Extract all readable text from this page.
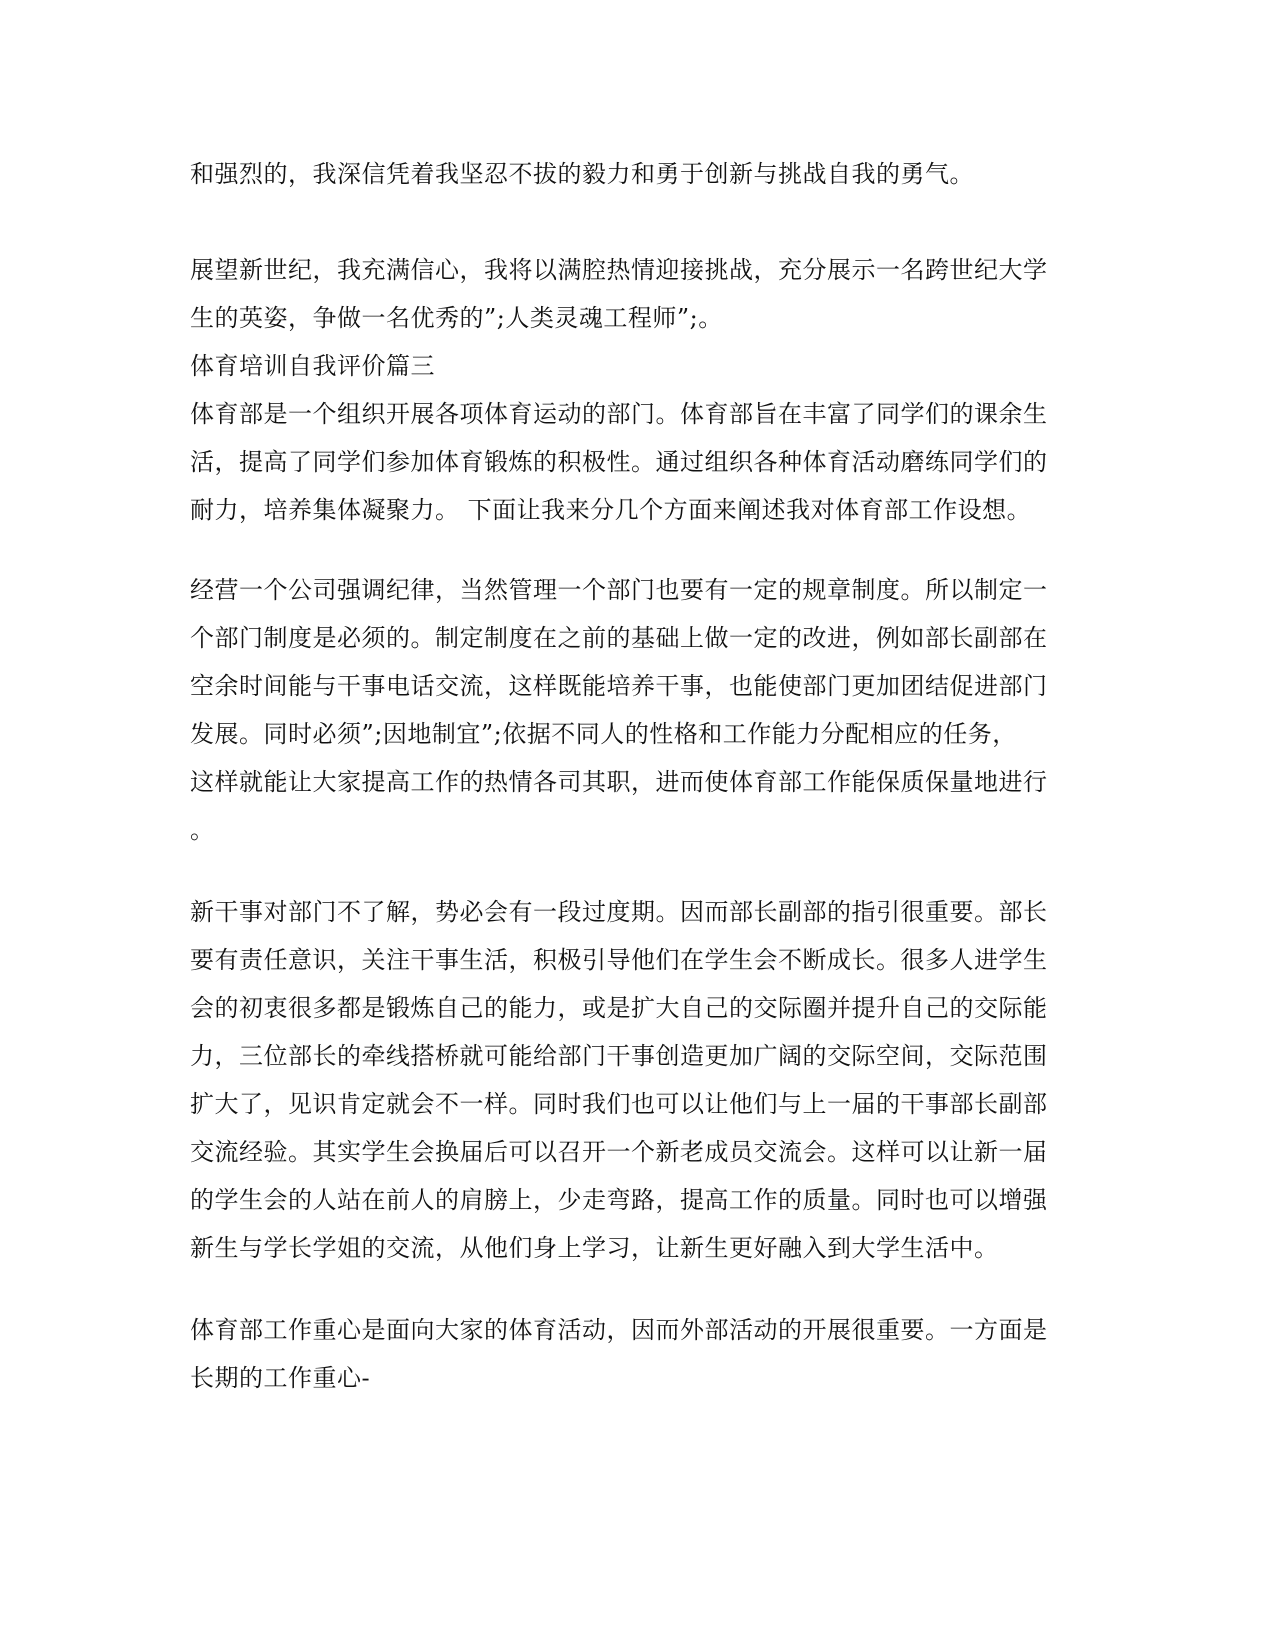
和强烈的，我深信凭着我坚忍不拔的毅力和勇于创新与挑战自我的勇气。
展望新世纪，我充满信心，我将以满腔热情迎接挑战，充分展示一名跨世纪大学
生的英姿，争做一名优秀的”;人类灵魂工程师”;。
体育培训自我评价篇三
体育部是一个组织开展各项体育运动的部门。体育部旨在丰富了同学们的课余生
活，提高了同学们参加体育锻炼的积极性。通过组织各种体育活动磨练同学们的
耐力，培养集体凝聚力。 下面让我来分几个方面来阐述我对体育部工作设想。
经营一个公司强调纪律，当然管理一个部门也要有一定的规章制度。所以制定一
个部门制度是必须的。制定制度在之前的基础上做一定的改进，例如部长副部在
空余时间能与干事电话交流，这样既能培养干事，也能使部门更加团结促进部门
发展。同时必须”;因地制宜”;依据不同人的性格和工作能力分配相应的任务，
这样就能让大家提高工作的热情各司其职，进而使体育部工作能保质保量地进行
。
新干事对部门不了解，势必会有一段过度期。因而部长副部的指引很重要。部长
要有责任意识，关注干事生活，积极引导他们在学生会不断成长。很多人进学生
会的初衷很多都是锻炼自己的能力，或是扩大自己的交际圈并提升自己的交际能
力，三位部长的牵线搭桥就可能给部门干事创造更加广阔的交际空间，交际范围
扩大了，见识肯定就会不一样。同时我们也可以让他们与上一届的干事部长副部
交流经验。其实学生会换届后可以召开一个新老成员交流会。这样可以让新一届
的学生会的人站在前人的肩膀上，少走弯路，提高工作的质量。同时也可以增强
新生与学长学姐的交流，从他们身上学习，让新生更好融入到大学生活中。
体育部工作重心是面向大家的体育活动，因而外部活动的开展很重要。一方面是
长期的工作重心-
